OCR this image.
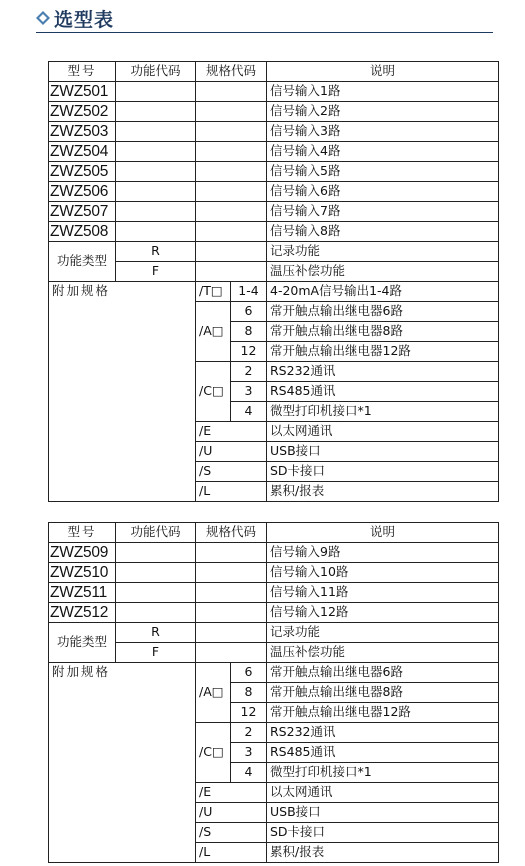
选型表
型号	功能代码	规格代码		说明
ZWZ501				信号输入1路
ZWZ502				信号输入2路
ZWZ503				信号输入3路
ZWZ504				信号输入4路
ZWZ505				信号输入5路
ZWZ506				信号输入6路
ZWZ507				信号输入7路
ZWZ508				信号输入8路
功能类型	R			记录功能
	F			温压补偿功能
附加规格		/T□	1-4	4-20mA信号输出1-4路
		/A□	6	常开触点输出继电器6路
			8	常开触点输出继电器8路
			12	常开触点输出继电器12路
		/C□	2	RS232通讯
			3	RS485通讯
			4	微型打印机接口*1
		/E		以太网通讯
		/U		USB接口
		/S		SD卡接口
		/L		累积/报表
型号	功能代码	规格代码		说明
ZWZ509				信号输入9路
ZWZ510				信号输入10路
ZWZ511				信号输入11路
ZWZ512				信号输入12路
功能类型	R			记录功能
	F			温压补偿功能
附加规格		/A□	6	常开触点输出继电器6路
			8	常开触点输出继电器8路
			12	常开触点输出继电器12路
		/C□	2	RS232通讯
			3	RS485通讯
			4	微型打印机接口*1
		/E		以太网通讯
		/U		USB接口
		/S		SD卡接口
		/L		累积/报表
